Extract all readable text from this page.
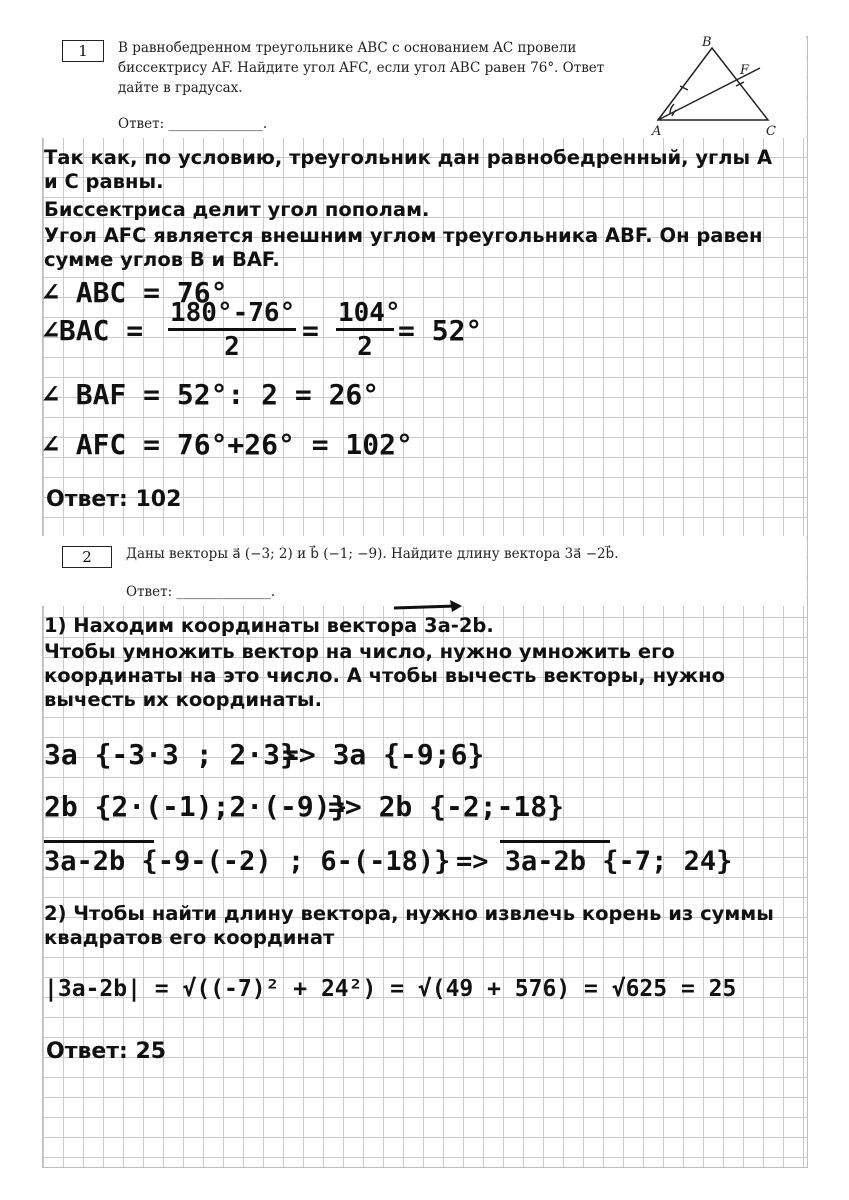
1	В равнобедренном треугольнике ABC с основанием AC провели биссектрису AF. Найдите угол AFC, если угол ABC равен 76°. Ответ дайте в градусах.
Ответ: ______________.
B
F
A	C
Так как, по условию, треугольник дан равнобедренный, углы A и C равны.
Биссектриса делит угол пополам.
Угол AFC является внешним углом треугольника ABF. Он равен сумме углов B и BAF.
∠ ABC = 76°
∠BAC = $\frac{180^\circ-76^\circ}{2} = \frac{104^\circ}{2} = 52^\circ$
∠ BAF = 52°: 2 = 26°
∠ AFC = 76°+26° = 102°
Ответ: 102
2	Даны векторы a⃗ (−3; 2) и b⃗ (−1; −9). Найдите длину вектора 3a⃗ −2b⃗.
Ответ: ______________.
1) Находим координаты вектора 3a-2b.
Чтобы умножить вектор на число, нужно умножить его координаты на это число. А чтобы вычесть векторы, нужно вычесть их координаты.
3a {-3·3 ; 2·3}
=> 3a {-9;6}
2b {2·(-1);2·(-9)}
=> 2b {-2;-18}
3a-2b {-9-(-2) ; 6-(-18)} => 3a-2b {-7; 24}
2) Чтобы найти длину вектора, нужно извлечь корень из суммы квадратов его координат
|3a-2b| = √((-7)² + 24²) = √(49 + 576) = √625 = 25
Ответ: 25
